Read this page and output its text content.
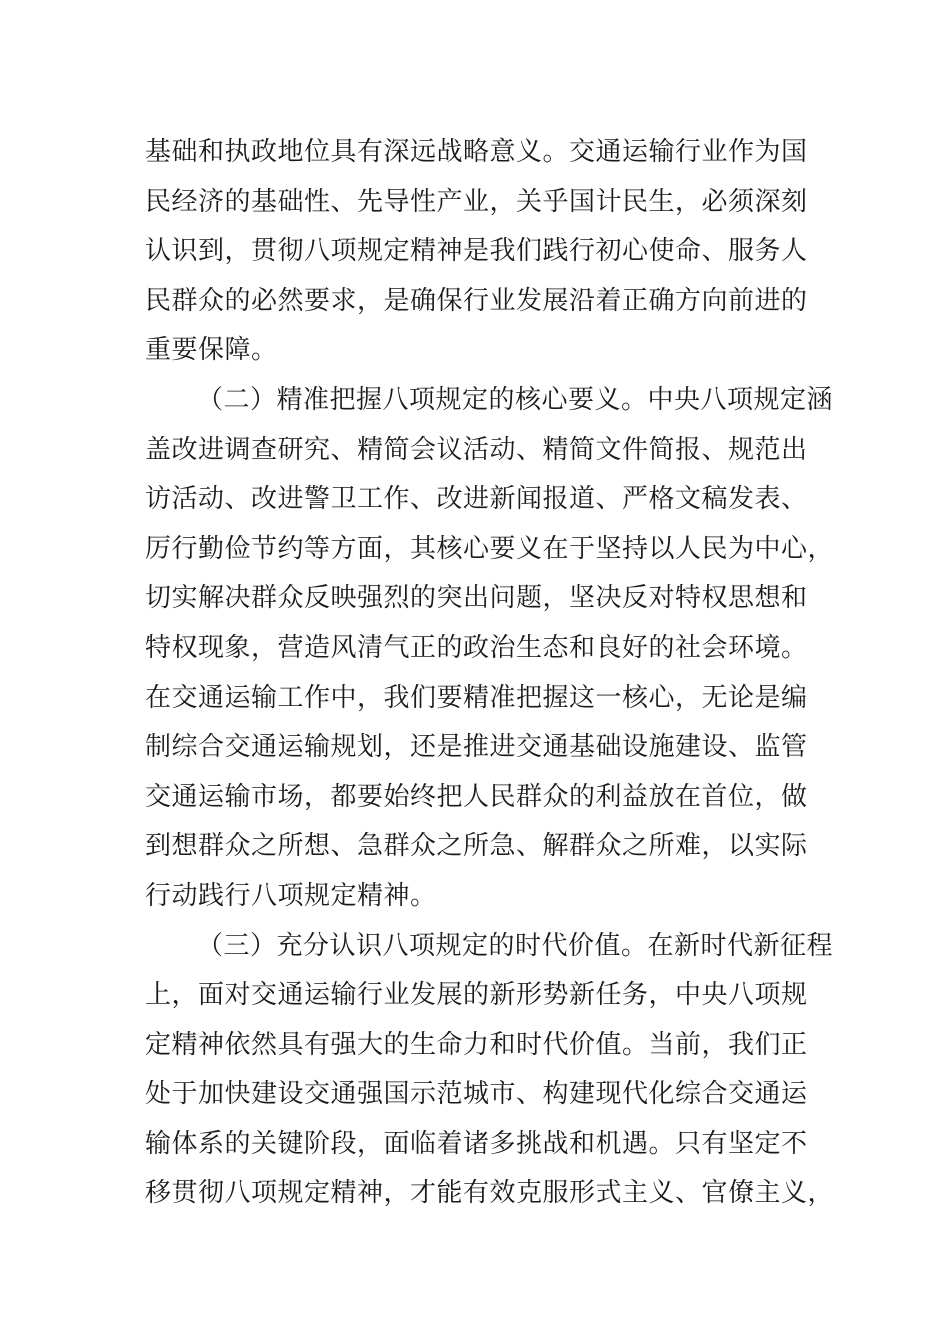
基础和执政地位具有深远战略意义。交通运输行业作为国
民经济的基础性、先导性产业，关乎国计民生，必须深刻
认识到，贯彻八项规定精神是我们践行初心使命、服务人
民群众的必然要求，是确保行业发展沿着正确方向前进的
重要保障。
（二）精准把握八项规定的核心要义。中央八项规定涵
盖改进调查研究、精简会议活动、精简文件简报、规范出
访活动、改进警卫工作、改进新闻报道、严格文稿发表、
厉行勤俭节约等方面，其核心要义在于坚持以人民为中心，
切实解决群众反映强烈的突出问题，坚决反对特权思想和
特权现象，营造风清气正的政治生态和良好的社会环境。
在交通运输工作中，我们要精准把握这一核心，无论是编
制综合交通运输规划，还是推进交通基础设施建设、监管
交通运输市场，都要始终把人民群众的利益放在首位，做
到想群众之所想、急群众之所急、解群众之所难，以实际
行动践行八项规定精神。
（三）充分认识八项规定的时代价值。在新时代新征程
上，面对交通运输行业发展的新形势新任务，中央八项规
定精神依然具有强大的生命力和时代价值。当前，我们正
处于加快建设交通强国示范城市、构建现代化综合交通运
输体系的关键阶段，面临着诸多挑战和机遇。只有坚定不
移贯彻八项规定精神，才能有效克服形式主义、官僚主义，
